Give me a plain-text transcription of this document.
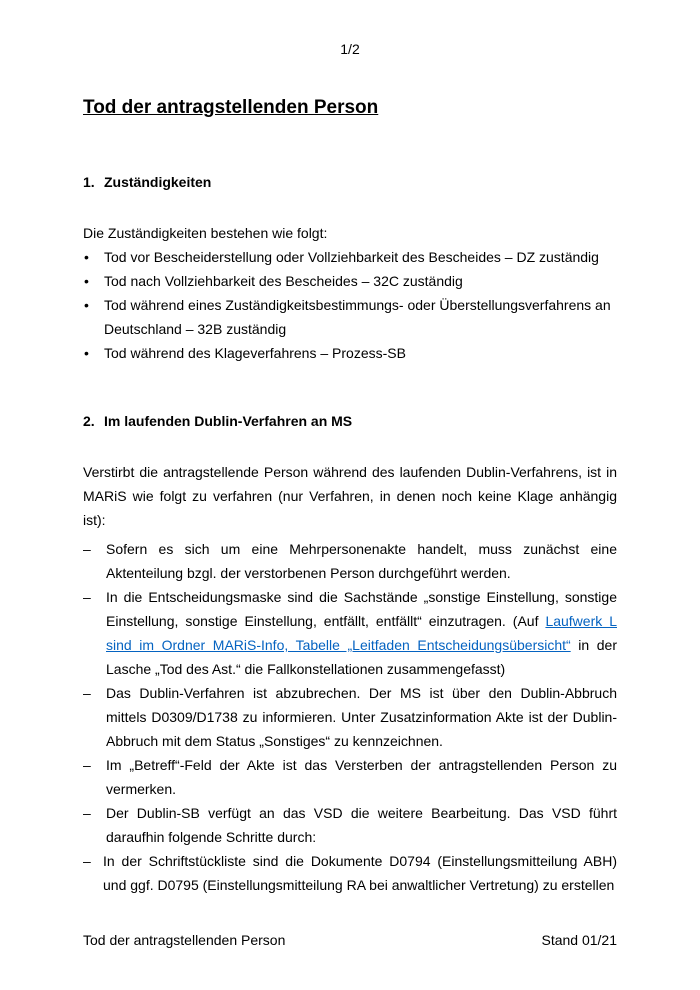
1/2
Tod der antragstellenden Person
1. Zuständigkeiten

Die Zuständigkeiten bestehen wie folgt:

• Tod vor Bescheiderstellung oder Vollziehbarkeit des Bescheides – DZ zuständig
• Tod nach Vollziehbarkeit des Bescheides – 32C zuständig
• Tod während eines Zuständigkeitsbestimmungs- oder Überstellungsverfahrens an Deutschland – 32B zuständig
• Tod während des Klageverfahrens – Prozess-SB
2. Im laufenden Dublin-Verfahren an MS

Verstirbt die antragstellende Person während des laufenden Dublin-Verfahrens, ist in MARiS wie folgt zu verfahren (nur Verfahren, in denen noch keine Klage anhängig ist):

– Sofern es sich um eine Mehrpersonenakte handelt, muss zunächst eine Aktenteilung bzgl. der verstorbenen Person durchgeführt werden.
– In die Entscheidungsmaske sind die Sachstände „sonstige Einstellung, sonstige Einstellung, sonstige Einstellung, entfällt, entfällt“ einzutragen. (Auf Laufwerk L sind im Ordner MARiS-Info, Tabelle „Leitfaden Entscheidungsübersicht“ in der Lasche „Tod des Ast.“ die Fallkonstellationen zusammengefasst)
– Das Dublin-Verfahren ist abzubrechen. Der MS ist über den Dublin-Abbruch mittels D0309/D1738 zu informieren. Unter Zusatzinformation Akte ist der Dublin-Abbruch mit dem Status „Sonstiges“ zu kennzeichnen.
– Im „Betreff“-Feld der Akte ist das Versterben der antragstellenden Person zu vermerken.
– Der Dublin-SB verfügt an das VSD die weitere Bearbeitung. Das VSD führt daraufhin folgende Schritte durch:
– In der Schriftstückliste sind die Dokumente D0794 (Einstellungsmitteilung ABH) und ggf. D0795 (Einstellungsmitteilung RA bei anwaltlicher Vertretung) zu erstellen
Tod der antragstellenden Person	Stand 01/21
